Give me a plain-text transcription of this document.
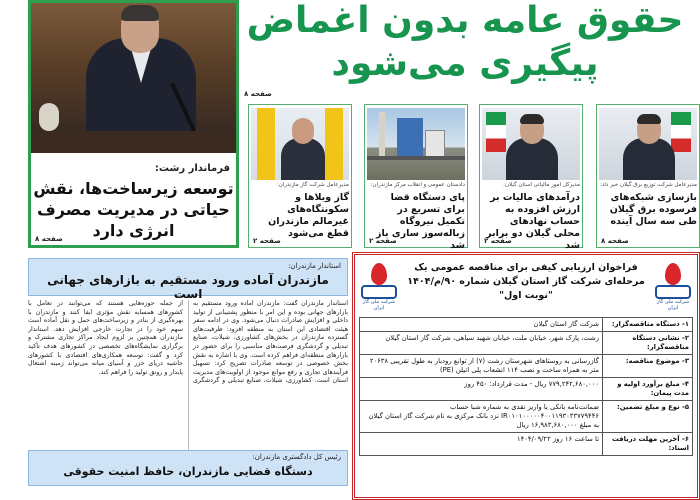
حقوق عامه بدون اغماض
پیگیری می‌شود
صفحه ۸
فرماندار رشت:
توسعه زیرساخت‌ها، نقش حیاتی در مدیریت مصرف انرژی دارد
صفحه ۸
مدیرعامل شرکت توزیع برق گیلان خبر داد:
بازسازی شبکه‌های فرسوده برق گیلان طی سه سال آینده
صفحه ۸
مدیرکل امور مالیاتی استان گیلان:
درآمدهای مالیات بر ارزش افزوده به حساب نهادهای محلی گیلان دو برابر شد
صفحه ۲
دادستان عمومی و انقلاب مرکز مازندران:
پای دستگاه قضا برای تسریع در تکمیل نیروگاه زباله‌سوز ساری باز شد
صفحه ۲
مدیرعامل شرکت گاز مازندران:
گاز ویلاها و سکونتگاه‌های غیرمالم مازندران قطع می‌شود
صفحه ۲
استاندار مازندران:
مازندران آماده ورود مستقیم به بازارهای جهانی است
استاندار مازندران گفت: مازندران آماده ورود مستقیم به بازارهای جهانی بوده و این امر با منظور پشتیبانی از تولید داخلی و افزایش صادرات دنبال می‌شود. وی در ادامه سفر هیئت اقتصادی این استان به منطقه افزود: ظرفیت‌های گسترده مازندران در بخش‌های کشاورزی، شیلات، صنایع تبدیلی و گردشگری فرصت‌های مناسبی را برای حضور در بازارهای منطقه‌ای فراهم کرده است. وی با اشاره به نقش بخش خصوصی در توسعه صادرات تصریح کرد: تسهیل فرآیندهای تجاری و رفع موانع موجود از اولویت‌های مدیریت استان است. کشاورزی، شیلات، صنایع تبدیلی و گردشگری از جمله حوزه‌هایی هستند که می‌توانند در تعامل با کشورهای همسایه نقش مؤثری ایفا کنند و مازندران با بهره‌گیری از بنادر و زیرساخت‌های حمل و نقل آماده است سهم خود را در تجارت خارجی افزایش دهد. استاندار مازندران همچنین بر لزوم ایجاد مراکز تجاری مشترک و برگزاری نمایشگاه‌های تخصصی در کشورهای هدف تأکید کرد و گفت: توسعه همکاری‌های اقتصادی با کشورهای حاشیه دریای خزر و آسیای میانه می‌تواند زمینه اشتغال پایدار و رونق تولید را فراهم کند.
رئیس کل دادگستری مازندران:
دستگاه قضایی مازندران، حافظ امنیت حقوقی
شرکت ملی گاز ایران
فراخوان ارزیابی کیفی برای مناقصه عمومی یک مرحله‌ای شرکت گاز استان گیلان شماره ۹۰/م/۱۴۰۴ "نوبت اول"
شرکت ملی گاز ایران
۱- دستگاه مناقصه‌گزار:	شرکت گاز استان گیلان
۲- نشانی دستگاه مناقصه‌گزار:	رشت، پارک شهر، خیابان ملت، خیابان شهید سیاهی، شرکت گاز استان گیلان
۳- موضوع مناقصه:	گازرسانی به روستاهای شهرستان رشت (۷) از توابع رودبار به طول تقریبی ۲۰۶۳۸ متر به همراه ساخت و نصب ۱۱۴ انشعاب پلی اتیلن (PE)
۴- مبلغ برآورد اولیه و مدت پیمان:	۷۷۹,۲۴۲,۶۸۰,۰۰۰ ریال - مدت قرارداد: ۴۵۰ روز
۵- نوع و مبلغ تضمین:	ضمانت‌نامه بانکی یا واریز نقدی به شماره شبا حساب IR۰۱۰۱۰۰۰۰۰۴۰۰۱۱۹۳۰۳۳۷۷۹۴۴۶ نزد بانک مرکزی به نام شرکت گاز استان گیلان به مبلغ ۱۶,۹۸۳,۶۸۰,۰۰۰ ریال
۶- آخرین مهلت دریافت اسناد:	تا ساعت ۱۶ روز ۱۴۰۴/۰۹/۲۲
